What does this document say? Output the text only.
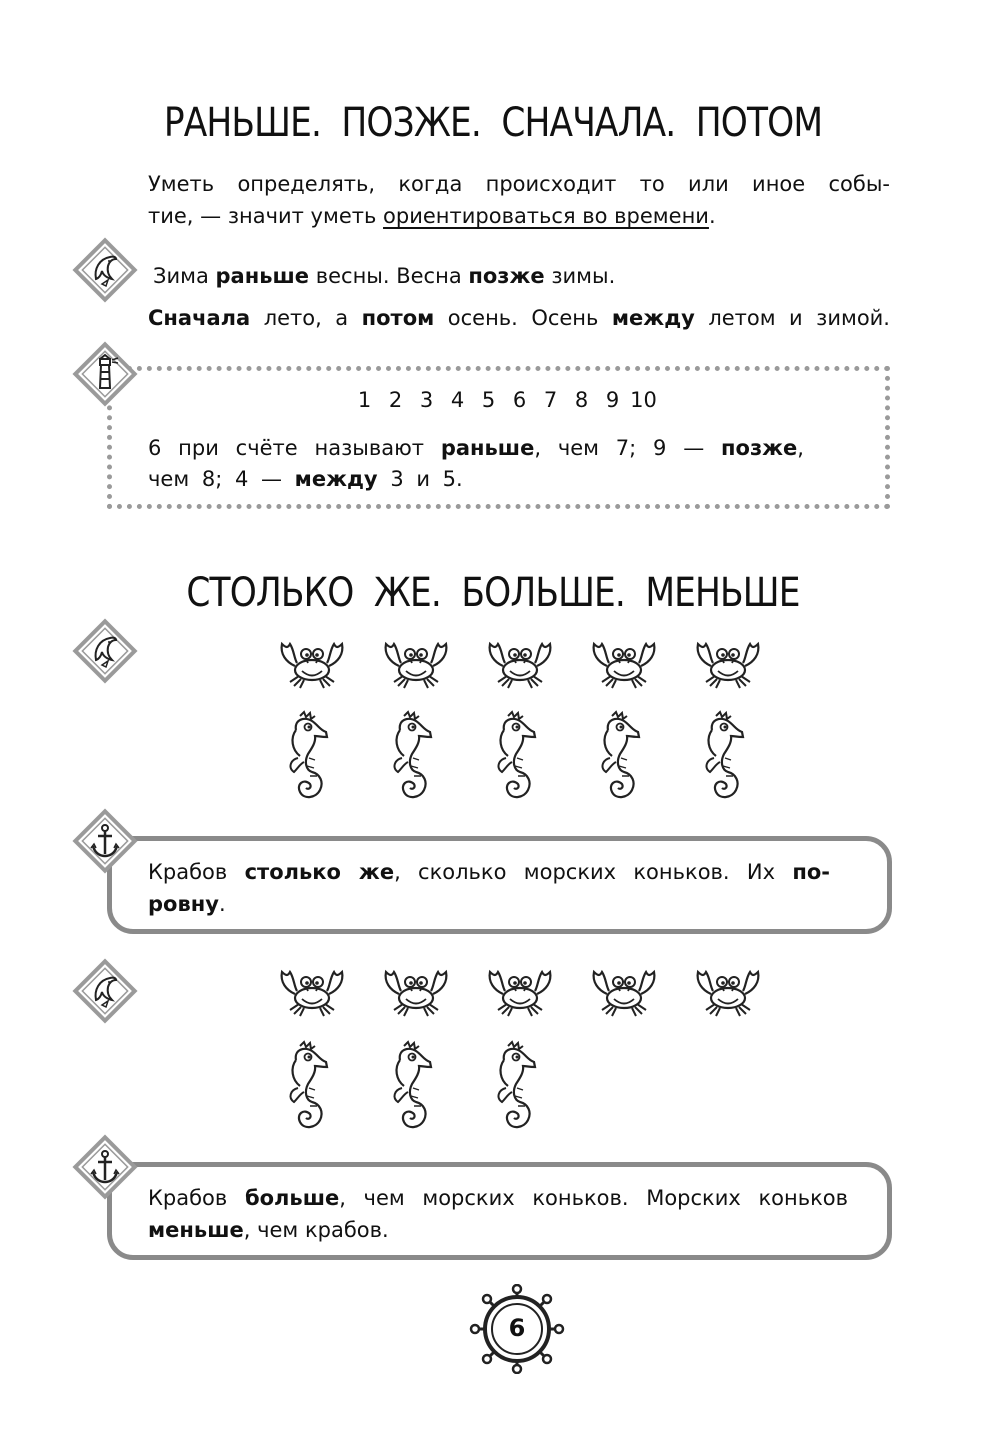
РАНЬШЕ. ПОЗЖЕ. СНАЧАЛА. ПОТОМ
Уметь определять, когда происходит то или иное собы-
тие, — значит уметь ориентироваться во времени.
Зима раньше весны. Весна позже зимы.
Сначала лето, а потом осень. Осень между летом и зимой.
1 2 3 4 5 6 7 8 9 10
6 при счёте называют раньше, чем 7; 9 — позже,
чем 8; 4 — между 3 и 5.
СТОЛЬКО ЖЕ. БОЛЬШЕ. МЕНЬШЕ
Крабов столько же, сколько морских коньков. Их по-
ровну.
Крабов больше, чем морских коньков. Морских коньков
меньше, чем крабов.
6
